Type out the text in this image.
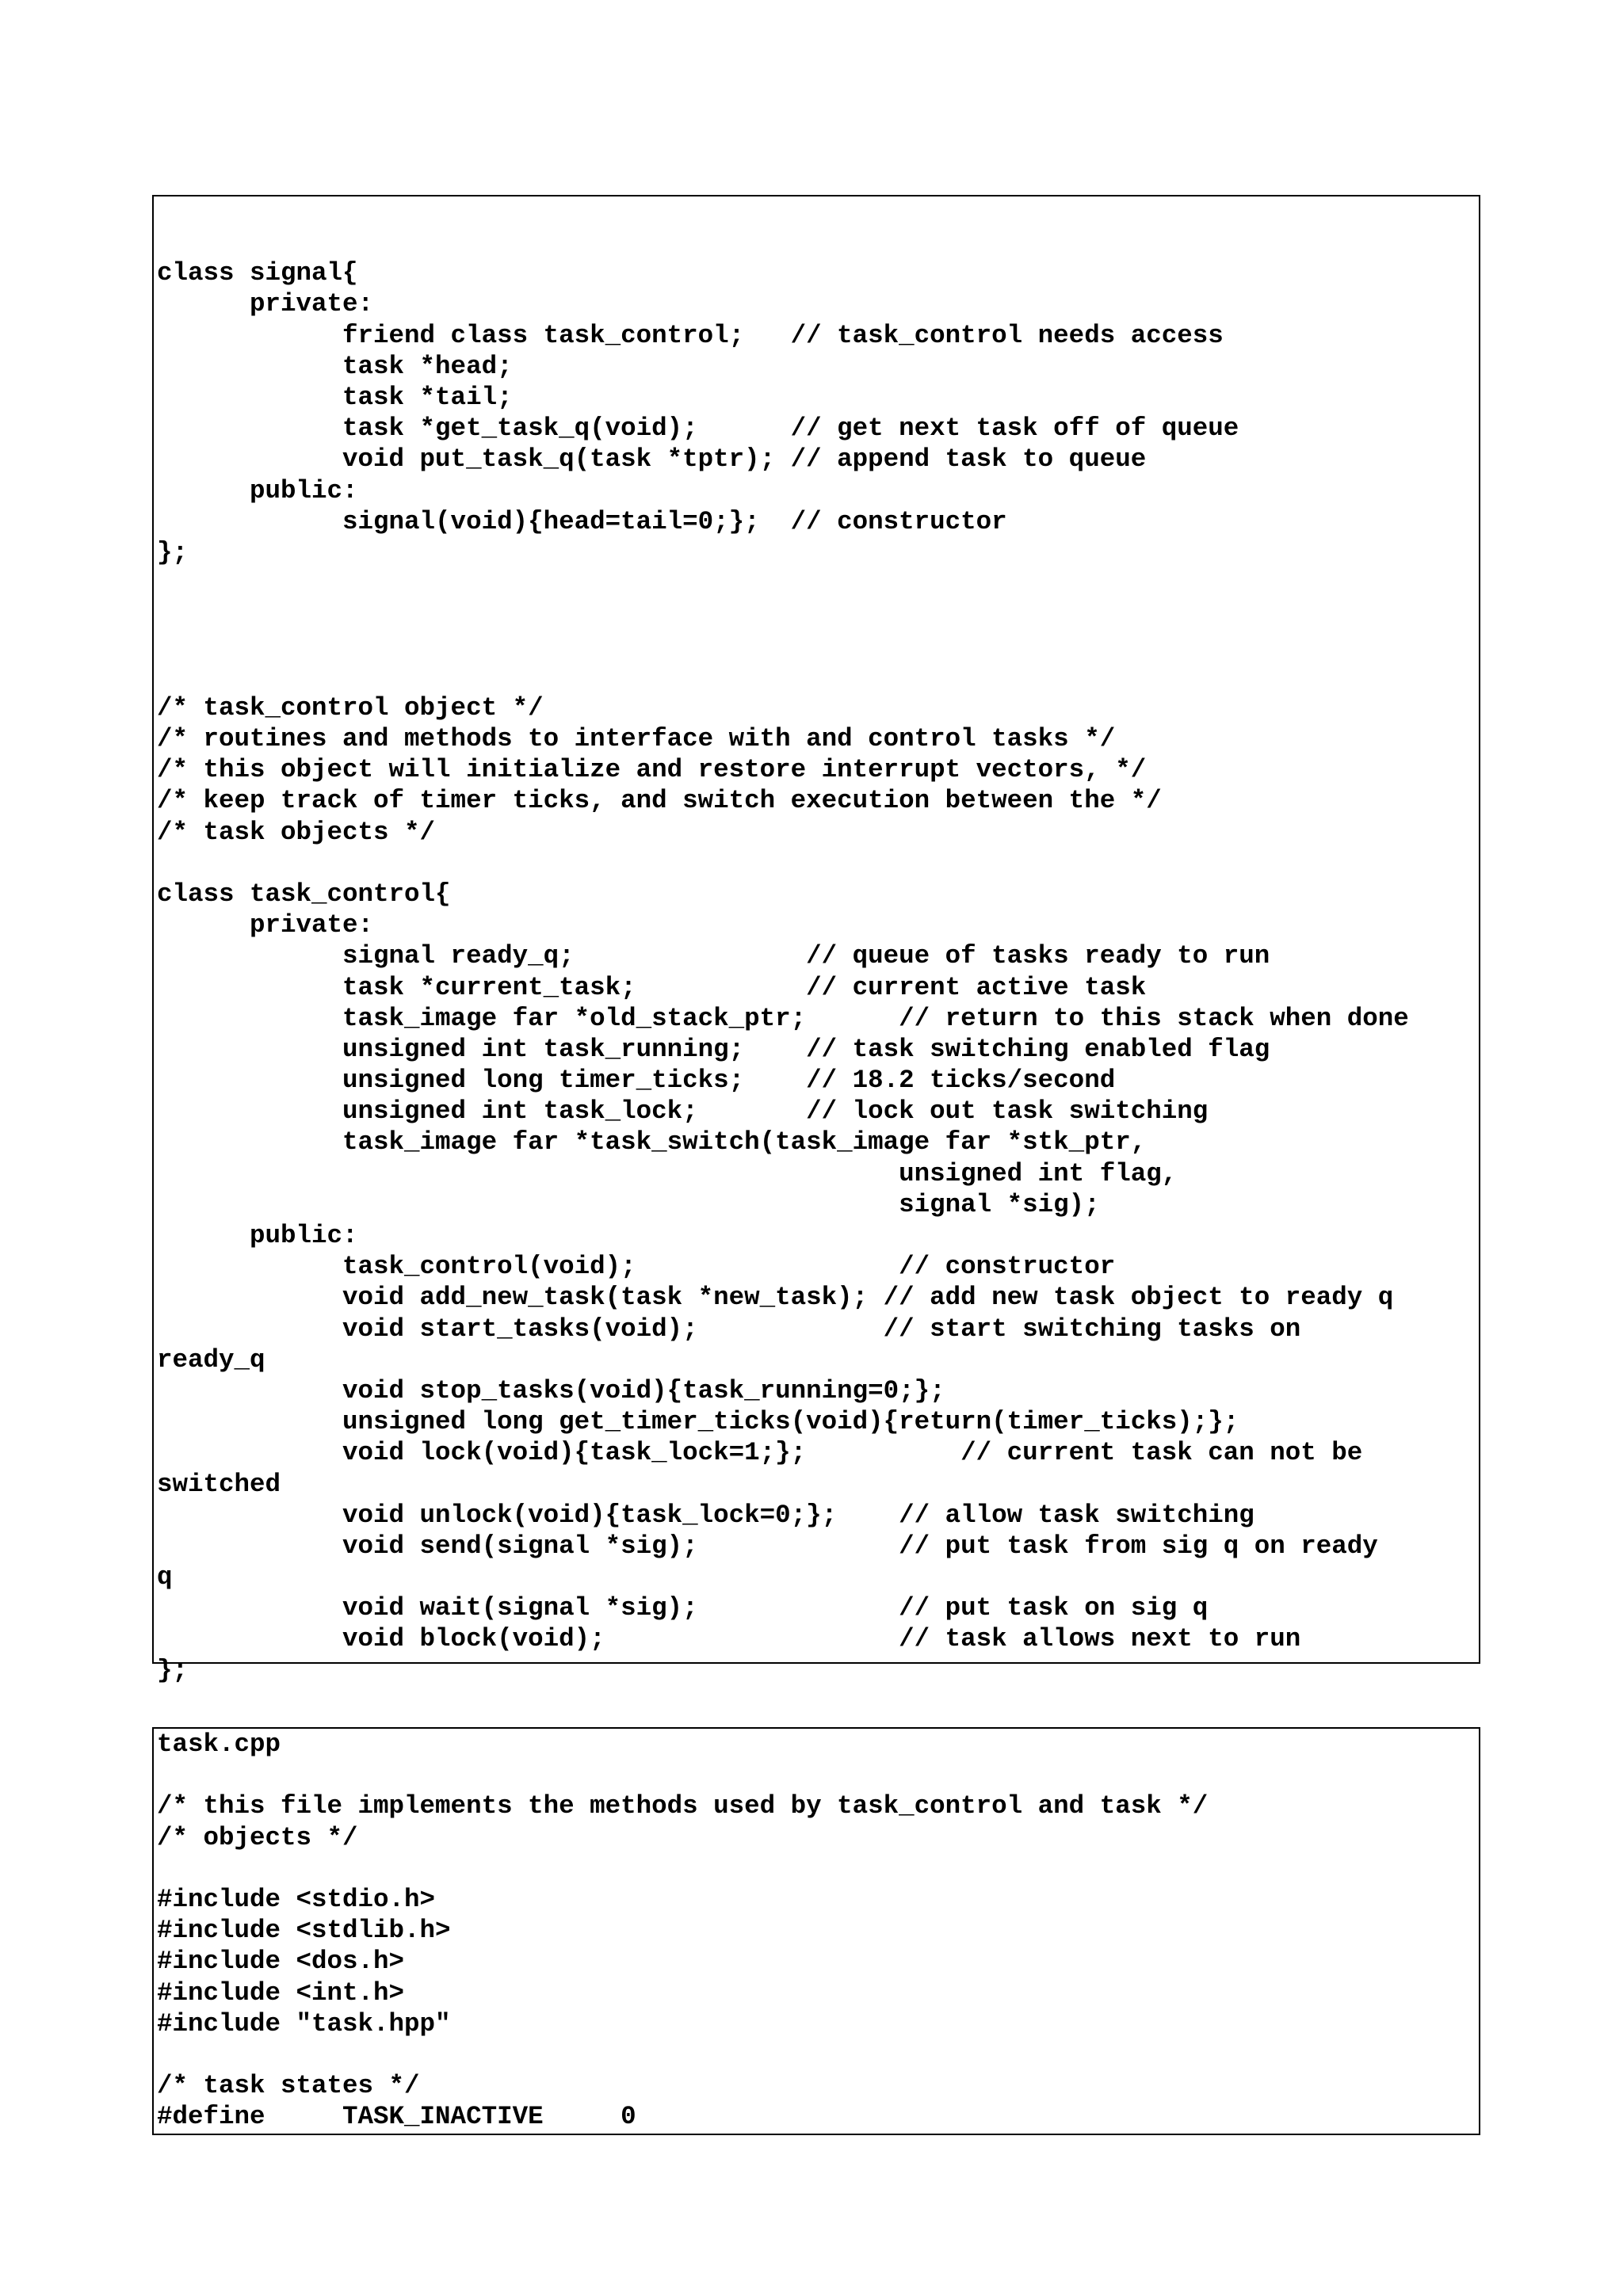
class signal{
private:
friend class task_control;   // task_control needs access
task *head;
task *tail;
task *get_task_q(void);      // get next task off of queue
void put_task_q(task *tptr); // append task to queue
public:
signal(void){head=tail=0;};  // constructor
};
/* task_control object */
/* routines and methods to interface with and control tasks */
/* this object will initialize and restore interrupt vectors, */
/* keep track of timer ticks, and switch execution between the */
/* task objects */
class task_control{
private:
signal ready_q;               // queue of tasks ready to run
task *current_task;           // current active task
task_image far *old_stack_ptr;      // return to this stack when done
unsigned int task_running;    // task switching enabled flag
unsigned long timer_ticks;    // 18.2 ticks/second
unsigned int task_lock;       // lock out task switching
task_image far *task_switch(task_image far *stk_ptr,
unsigned int flag,
signal *sig);
public:
task_control(void);                 // constructor
void add_new_task(task *new_task); // add new task object to ready q
void start_tasks(void);            // start switching tasks on
ready_q
void stop_tasks(void){task_running=0;};
unsigned long get_timer_ticks(void){return(timer_ticks);};
void lock(void){task_lock=1;};          // current task can not be
switched
void unlock(void){task_lock=0;};    // allow task switching
void send(signal *sig);             // put task from sig q on ready
q
void wait(signal *sig);             // put task on sig q
void block(void);                   // task allows next to run
};
task.cpp
/* this file implements the methods used by task_control and task */
/* objects */
#include <stdio.h>
#include <stdlib.h>
#include <dos.h>
#include <int.h>
#include "task.hpp"
/* task states */
#define     TASK_INACTIVE     0
